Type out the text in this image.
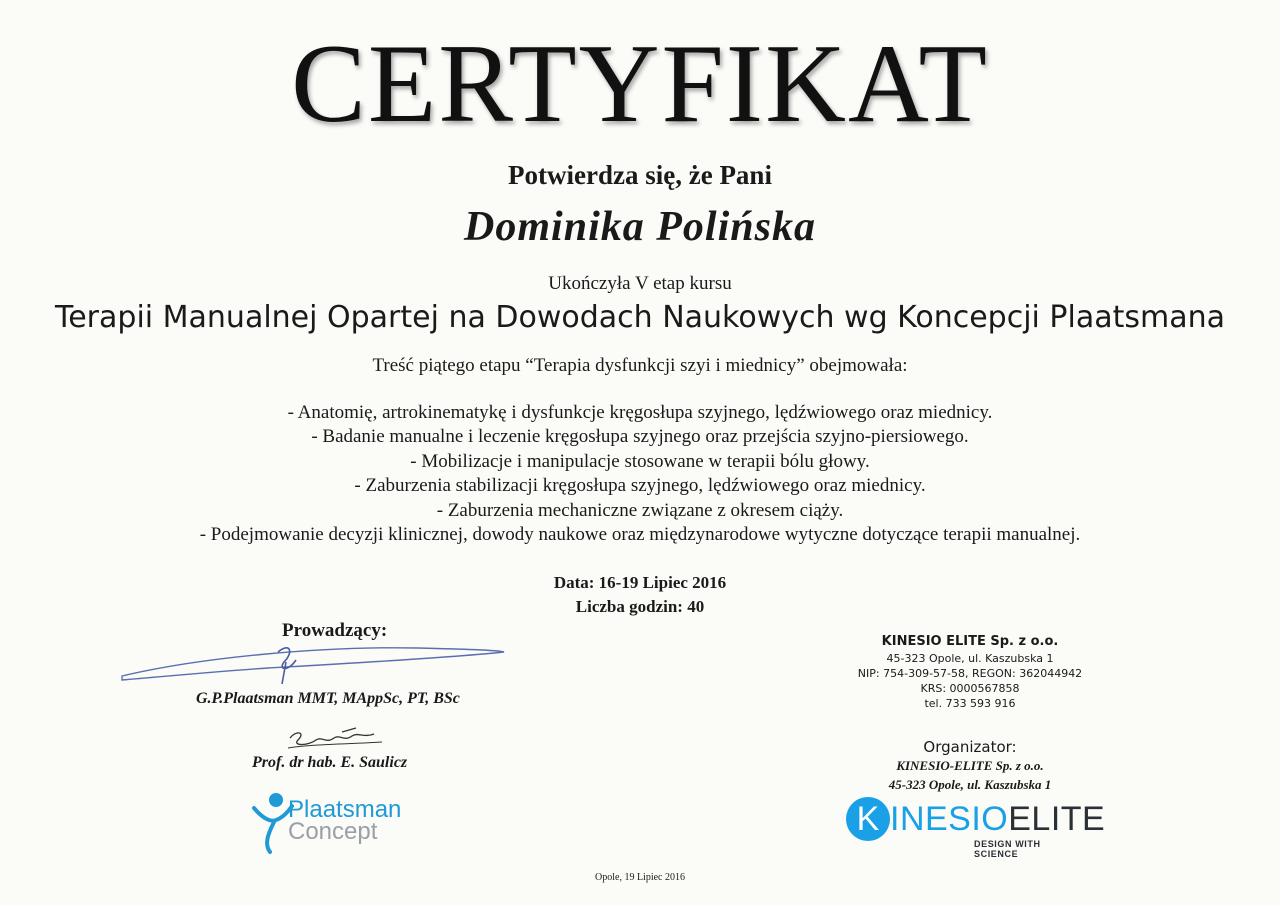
CERTYFIKAT
Potwierdza się, że Pani
Dominika Polińska
Ukończyła V etap kursu
Terapii Manualnej Opartej na Dowodach Naukowych wg Koncepcji Plaatsmana
Treść piątego etapu “Terapia dysfunkcji szyi i miednicy” obejmowała:
- Anatomię, artrokinematykę i dysfunkcje kręgosłupa szyjnego, lędźwiowego oraz miednicy.
- Badanie manualne i leczenie kręgosłupa szyjnego oraz przejścia szyjno-piersiowego.
- Mobilizacje i manipulacje stosowane w terapii bólu głowy.
- Zaburzenia stabilizacji kręgosłupa szyjnego, lędźwiowego oraz miednicy.
- Zaburzenia mechaniczne związane z okresem ciąży.
- Podejmowanie decyzji klinicznej, dowody naukowe oraz międzynarodowe wytyczne dotyczące terapii manualnej.
Data: 16-19 Lipiec 2016
Liczba godzin: 40
Prowadzący:
G.P.Plaatsman MMT, MAppSc, PT, BSc
Prof. dr hab. E. Saulicz
Plaatsman
Concept
KINESIO ELITE Sp. z o.o.
45-323 Opole, ul. Kaszubska 1
NIP: 754-309-57-58, REGON: 362044942
KRS: 0000567858
tel. 733 593 916
Organizator:
KINESIO-ELITE Sp. z o.o.
45-323 Opole, ul. Kaszubska 1
K INESIOELITE
DESIGN WITH SCIENCE
Opole, 19 Lipiec 2016
